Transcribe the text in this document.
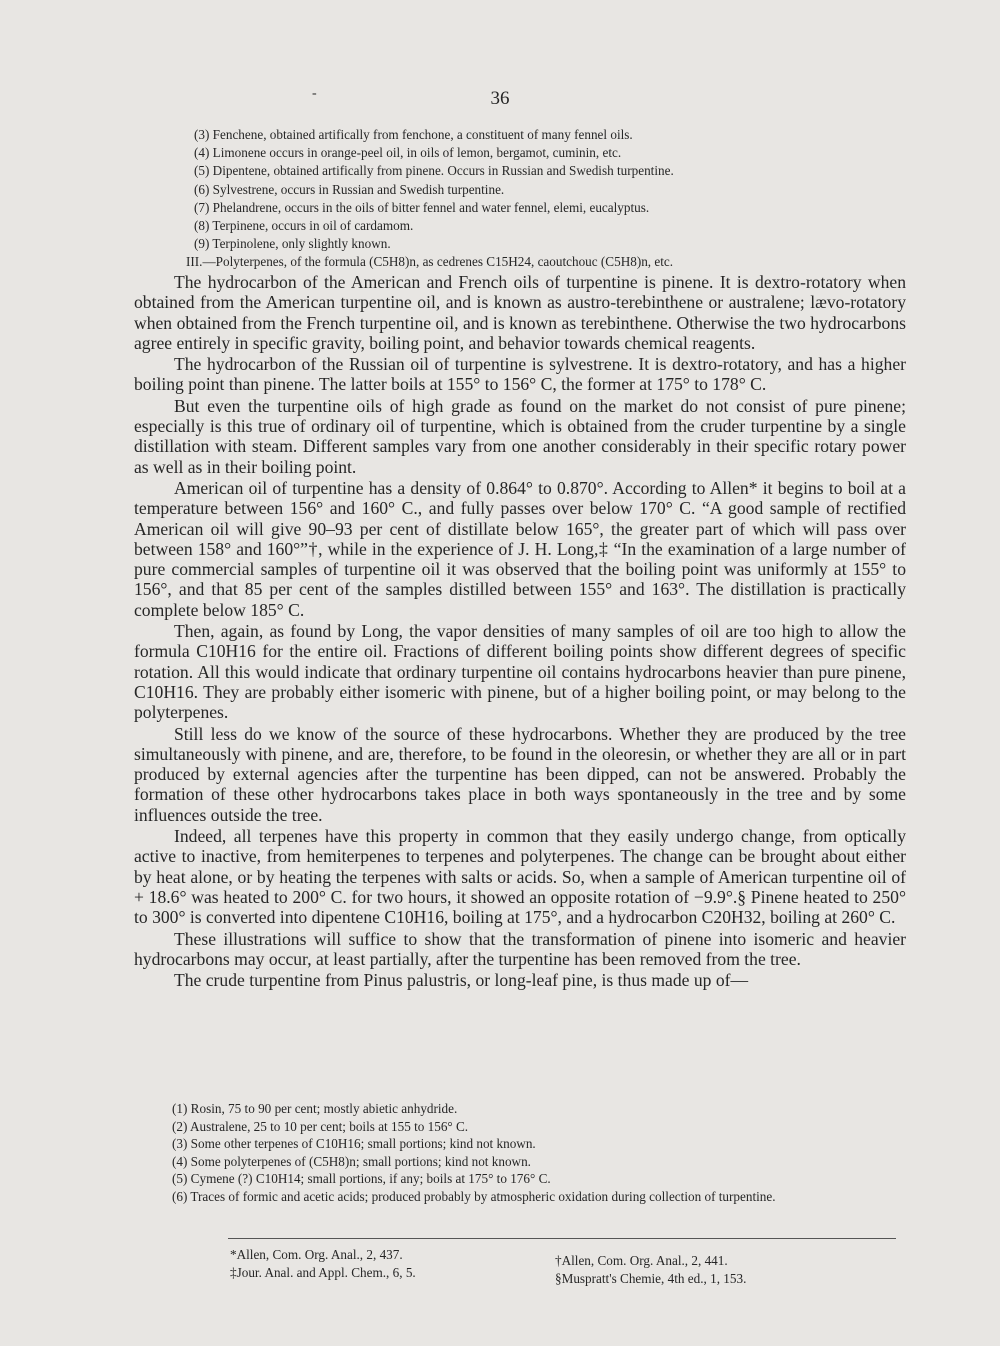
-	36
(3) Fenchene, obtained artifically from fenchone, a constituent of many fennel oils.
(4) Limonene occurs in orange-peel oil, in oils of lemon, bergamot, cuminin, etc.
(5) Dipentene, obtained artifically from pinene. Occurs in Russian and Swedish turpentine.
(6) Sylvestrene, occurs in Russian and Swedish turpentine.
(7) Phelandrene, occurs in the oils of bitter fennel and water fennel, elemi, eucalyptus.
(8) Terpinene, occurs in oil of cardamom.
(9) Terpinolene, only slightly known.
III.—Polyterpenes, of the formula (C5H8)n, as cedrenes C15H24, caoutchouc (C5H8)n, etc.

The hydrocarbon of the American and French oils of turpentine is pinene. It is dextro-rotatory when obtained from the American turpentine oil, and is known as austro-terebinthene or australene; lævo-rotatory when obtained from the French turpentine oil, and is known as terebinthene. Otherwise the two hydrocarbons agree entirely in specific gravity, boiling point, and behavior towards chemical reagents.

The hydrocarbon of the Russian oil of turpentine is sylvestrene. It is dextro-rotatory, and has a higher boiling point than pinene. The latter boils at 155° to 156° C, the former at 175° to 178° C.

But even the turpentine oils of high grade as found on the market do not consist of pure pinene; especially is this true of ordinary oil of turpentine, which is obtained from the cruder turpentine by a single distillation with steam. Different samples vary from one another considerably in their specific rotary power as well as in their boiling point.

American oil of turpentine has a density of 0.864° to 0.870°. According to Allen* it begins to boil at a temperature between 156° and 160° C., and fully passes over below 170° C. “A good sample of rectified American oil will give 90–93 per cent of distillate below 165°, the greater part of which will pass over between 158° and 160°”†, while in the experience of J. H. Long,‡ “In the examination of a large number of pure commercial samples of turpentine oil it was observed that the boiling point was uniformly at 155° to 156°, and that 85 per cent of the samples distilled between 155° and 163°. The distillation is practically complete below 185° C.

Then, again, as found by Long, the vapor densities of many samples of oil are too high to allow the formula C10H16 for the entire oil. Fractions of different boiling points show different degrees of specific rotation. All this would indicate that ordinary turpentine oil contains hydrocarbons heavier than pure pinene, C10H16. They are probably either isomeric with pinene, but of a higher boiling point, or may belong to the polyterpenes.

Still less do we know of the source of these hydrocarbons. Whether they are produced by the tree simultaneously with pinene, and are, therefore, to be found in the oleoresin, or whether they are all or in part produced by external agencies after the turpentine has been dipped, can not be answered. Probably the formation of these other hydrocarbons takes place in both ways spontaneously in the tree and by some influences outside the tree.

Indeed, all terpenes have this property in common that they easily undergo change, from optically active to inactive, from hemiterpenes to terpenes and polyterpenes. The change can be brought about either by heat alone, or by heating the terpenes with salts or acids. So, when a sample of American turpentine oil of + 18.6° was heated to 200° C. for two hours, it showed an opposite rotation of −9.9°.§ Pinene heated to 250° to 300° is converted into dipentene C10H16, boiling at 175°, and a hydrocarbon C20H32, boiling at 260° C.

These illustrations will suffice to show that the transformation of pinene into isomeric and heavier hydrocarbons may occur, at least partially, after the turpentine has been removed from the tree.

The crude turpentine from Pinus palustris, or long-leaf pine, is thus made up of—

(1) Rosin, 75 to 90 per cent; mostly abietic anhydride.
(2) Australene, 25 to 10 per cent; boils at 155 to 156° C.
(3) Some other terpenes of C10H16; small portions; kind not known.
(4) Some polyterpenes of (C5H8)n; small portions; kind not known.
(5) Cymene (?) C10H14; small portions, if any; boils at 175° to 176° C.
(6) Traces of formic and acetic acids; produced probably by atmospheric oxidation during collection of turpentine.
*Allen, Com. Org. Anal., 2, 437.
‡Jour. Anal. and Appl. Chem., 6, 5.
†Allen, Com. Org. Anal., 2, 441.
§Muspratt's Chemie, 4th ed., 1, 153.
